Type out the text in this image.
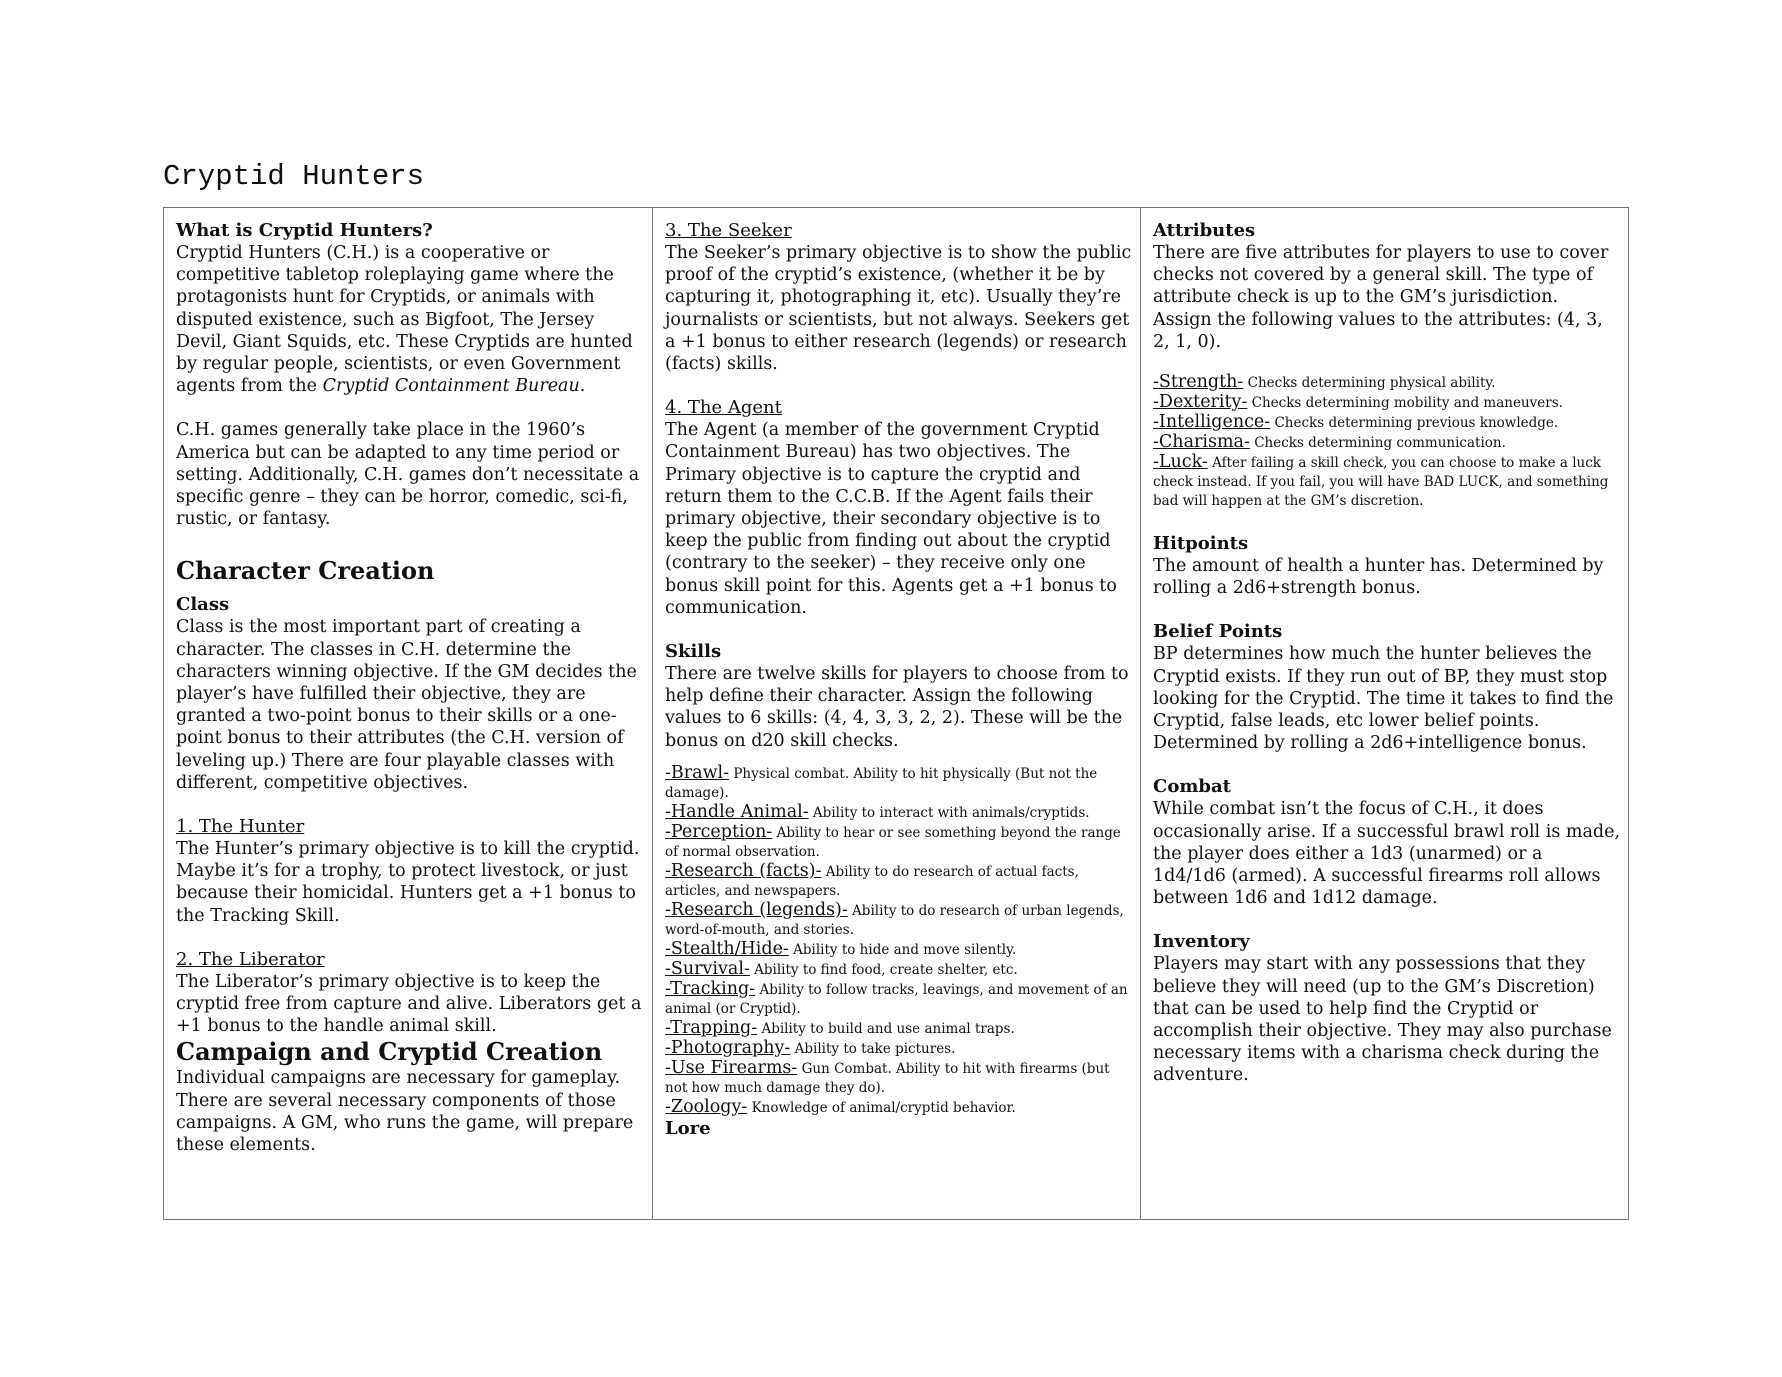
Cryptid Hunters

What is Cryptid Hunters?

Cryptid Hunters (C.H.) is a cooperative or competitive tabletop roleplaying game where the protagonists hunt for Cryptids, or animals with disputed existence, such as Bigfoot, The Jersey Devil, Giant Squids, etc. These Cryptids are hunted by regular people, scientists, or even Government agents from the Cryptid Containment Bureau.

C.H. games generally take place in the 1960’s America but can be adapted to any time period or setting. Additionally, C.H. games don’t necessitate a specific genre – they can be horror, comedic, sci-fi, rustic, or fantasy.

Character Creation

Class

Class is the most important part of creating a character. The classes in C.H. determine the characters winning objective. If the GM decides the player’s have fulfilled their objective, they are granted a two-point bonus to their skills or a one-point bonus to their attributes (the C.H. version of leveling up.) There are four playable classes with different, competitive objectives.

1. The Hunter

The Hunter’s primary objective is to kill the cryptid. Maybe it’s for a trophy, to protect livestock, or just because their homicidal. Hunters get a +1 bonus to the Tracking Skill.

2. The Liberator

The Liberator’s primary objective is to keep the cryptid free from capture and alive. Liberators get a +1 bonus to the handle animal skill.

Campaign and Cryptid Creation

Individual campaigns are necessary for gameplay. There are several necessary components of those campaigns. A GM, who runs the game, will prepare these elements.

3. The Seeker

The Seeker’s primary objective is to show the public proof of the cryptid’s existence, (whether it be by capturing it, photographing it, etc). Usually they’re journalists or scientists, but not always. Seekers get a +1 bonus to either research (legends) or research (facts) skills.

4. The Agent

The Agent (a member of the government Cryptid Containment Bureau) has two objectives. The Primary objective is to capture the cryptid and return them to the C.C.B. If the Agent fails their primary objective, their secondary objective is to keep the public from finding out about the cryptid (contrary to the seeker) – they receive only one bonus skill point for this. Agents get a +1 bonus to communication.

Skills

There are twelve skills for players to choose from to help define their character. Assign the following values to 6 skills: (4, 4, 3, 3, 2, 2). These will be the bonus on d20 skill checks.

-Brawl- Physical combat. Ability to hit physically (But not the damage).

-Handle Animal- Ability to interact with animals/cryptids.

-Perception- Ability to hear or see something beyond the range of normal observation.

-Research (facts)- Ability to do research of actual facts, articles, and newspapers.

-Research (legends)- Ability to do research of urban legends, word-of-mouth, and stories.

-Stealth/Hide- Ability to hide and move silently.

-Survival- Ability to find food, create shelter, etc.

-Tracking- Ability to follow tracks, leavings, and movement of an animal (or Cryptid).

-Trapping- Ability to build and use animal traps.

-Photography- Ability to take pictures.

-Use Firearms- Gun Combat. Ability to hit with firearms (but not how much damage they do).

-Zoology- Knowledge of animal/cryptid behavior.

Lore

Attributes

There are five attributes for players to use to cover checks not covered by a general skill. The type of attribute check is up to the GM’s jurisdiction. Assign the following values to the attributes: (4, 3, 2, 1, 0).

-Strength- Checks determining physical ability.

-Dexterity- Checks determining mobility and maneuvers.

-Intelligence- Checks determining previous knowledge.

-Charisma- Checks determining communication.

-Luck- After failing a skill check, you can choose to make a luck check instead. If you fail, you will have BAD LUCK, and something bad will happen at the GM’s discretion.

Hitpoints

The amount of health a hunter has. Determined by rolling a 2d6+strength bonus.

Belief Points

BP determines how much the hunter believes the Cryptid exists. If they run out of BP, they must stop looking for the Cryptid. The time it takes to find the Cryptid, false leads, etc lower belief points. Determined by rolling a 2d6+intelligence bonus.

Combat

While combat isn’t the focus of C.H., it does occasionally arise. If a successful brawl roll is made, the player does either a 1d3 (unarmed) or a 1d4/1d6 (armed). A successful firearms roll allows between 1d6 and 1d12 damage.

Inventory

Players may start with any possessions that they believe they will need (up to the GM’s Discretion) that can be used to help find the Cryptid or accomplish their objective. They may also purchase necessary items with a charisma check during the adventure.
